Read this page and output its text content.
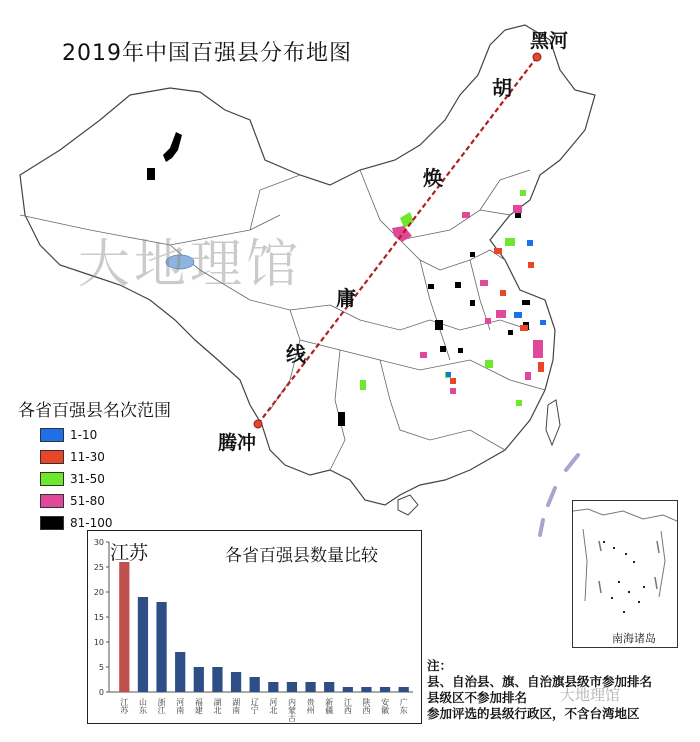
2019年中国百强县分布地图
大地理馆
黑河
腾冲
胡
焕
庸
线
各省百强县名次范围
1-10
11-30
31-50
51-80
81-100
0
5
10
15
20
25
30
江苏 山东 浙江 河南 福建 湖北 湖南 辽宁 河北 内蒙古 贵州 新疆 江西 陕西 安徽 广东
各省百强县数量比较
江苏
南海诸岛
注：
县、自治县、旗、自治旗县级市参加排名
县级区不参加排名
参加评选的县级行政区，不含台湾地区
大地理馆
